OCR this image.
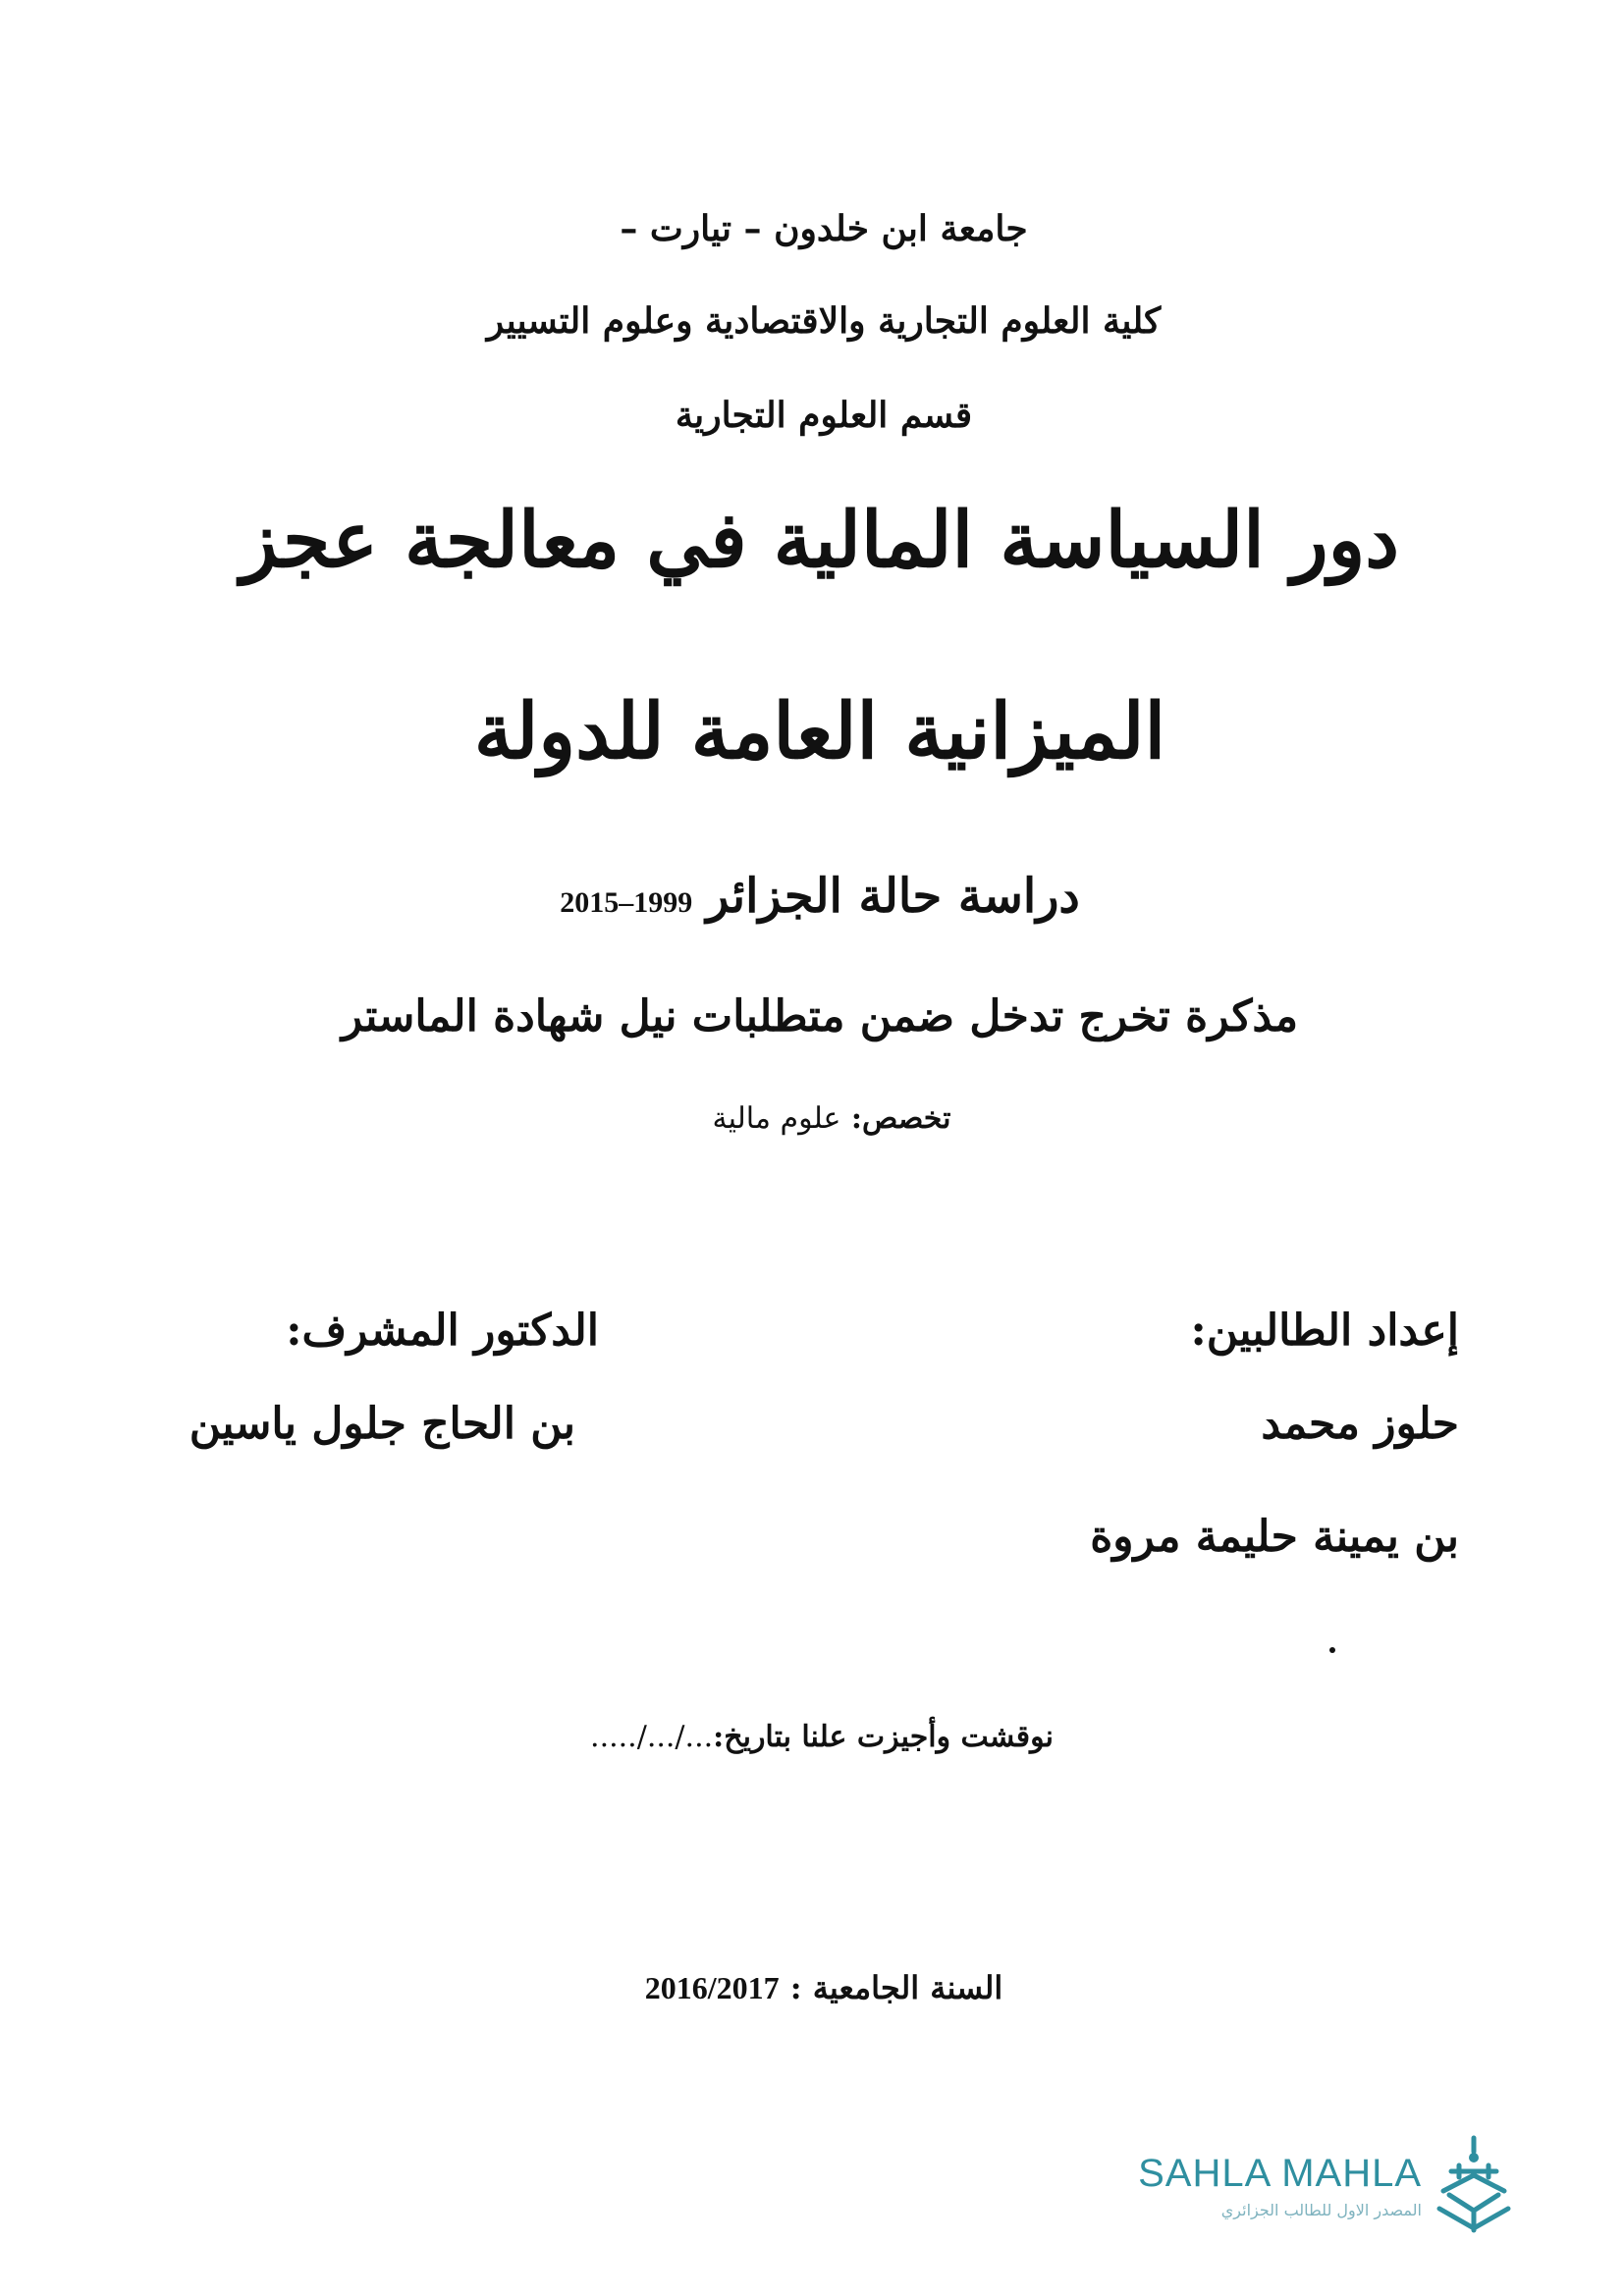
جامعة ابن خلدون – تيارت –
كلية العلوم التجارية والاقتصادية وعلوم التسيير
قسم العلوم التجارية
دور السياسة المالية في معالجة عجز
الميزانية العامة للدولة
دراسة حالة الجزائر1999–2015
مذكرة تخرج تدخل ضمن متطلبات نيل شهادة الماستر
تخصص: علوم مالية
إعداد الطالبين:
حلوز محمد
بن يمينة حليمة مروة
الدكتور المشرف:
بن الحاج جلول ياسين
نوقشت وأجيزت علنا بتاريخ:.../.../.....
السنة الجامعية : 2016/2017
SAHLA MAHLA
المصدر الاول للطالب الجزائري
